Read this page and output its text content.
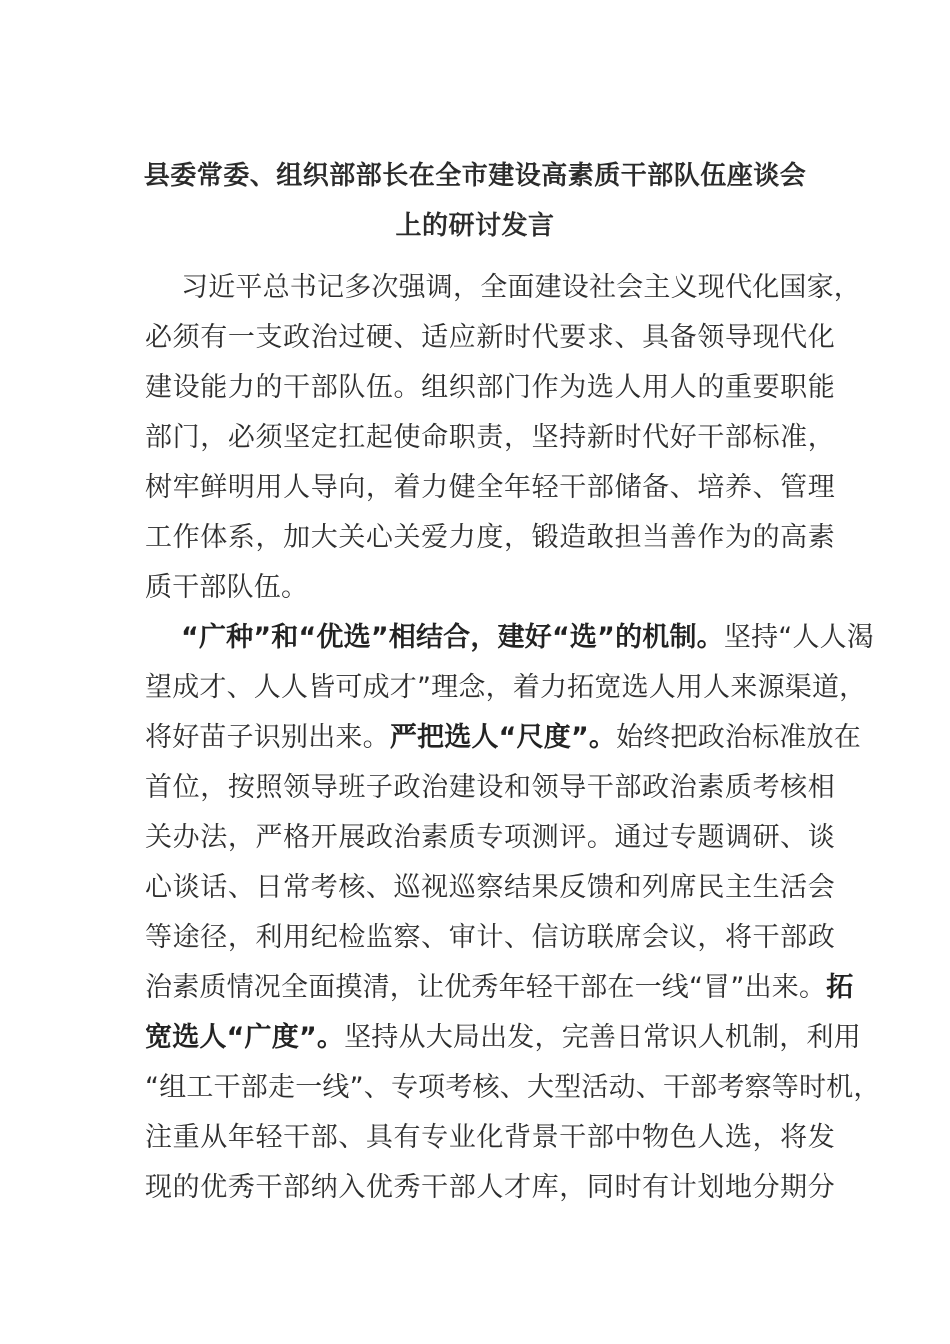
县委常委、组织部部长在全市建设高素质干部队伍座谈会
上的研讨发言
习近平总书记多次强调，全面建设社会主义现代化国家，
必须有一支政治过硬、适应新时代要求、具备领导现代化
建设能力的干部队伍。组织部门作为选人用人的重要职能
部门，必须坚定扛起使命职责，坚持新时代好干部标准，
树牢鲜明用人导向，着力健全年轻干部储备、培养、管理
工作体系，加大关心关爱力度，锻造敢担当善作为的高素
质干部队伍。
“广种”和“优选”相结合，建好“选”的机制。坚持“人人渴
望成才、人人皆可成才”理念，着力拓宽选人用人来源渠道，
将好苗子识别出来。严把选人“尺度”。始终把政治标准放在
首位，按照领导班子政治建设和领导干部政治素质考核相
关办法，严格开展政治素质专项测评。通过专题调研、谈
心谈话、日常考核、巡视巡察结果反馈和列席民主生活会
等途径，利用纪检监察、审计、信访联席会议，将干部政
治素质情况全面摸清，让优秀年轻干部在一线“冒”出来。拓
宽选人“广度”。坚持从大局出发，完善日常识人机制，利用
“组工干部走一线”、专项考核、大型活动、干部考察等时机，
注重从年轻干部、具有专业化背景干部中物色人选，将发
现的优秀干部纳入优秀干部人才库，同时有计划地分期分
